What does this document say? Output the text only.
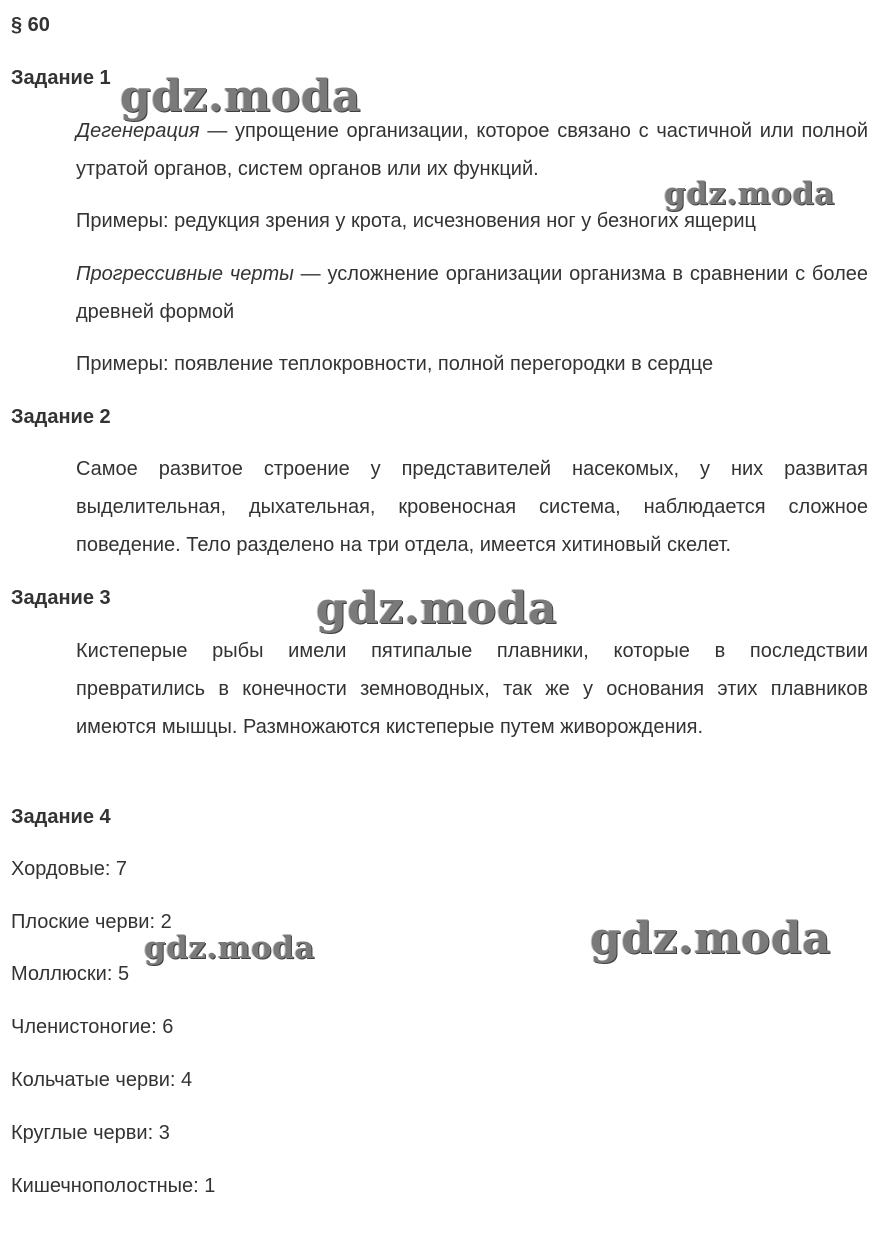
§ 60
Задание 1
Дегенерация — упрощение организации, которое связано с частичной или полной утратой органов, систем органов или их функций.
Примеры: редукция зрения у крота, исчезновения ног у безногих ящериц
Прогрессивные черты — усложнение организации организма в сравнении с более древней формой
Примеры: появление теплокровности, полной перегородки в сердце
Задание 2
Самое развитое строение у представителей насекомых, у них развитая выделительная, дыхательная, кровеносная система, наблюдается сложное поведение. Тело разделено на три отдела, имеется хитиновый скелет.
Задание 3
Кистеперые рыбы имели пятипалые плавники, которые в последствии превратились в конечности земноводных, так же у основания этих плавников имеются мышцы. Размножаются кистеперые путем живорождения.
Задание 4
Хордовые: 7
Плоские черви: 2
Моллюски: 5
Членистоногие: 6
Кольчатые черви: 4
Круглые черви: 3
Кишечнополостные: 1
gdz.moda
gdz.moda
gdz.moda
gdz.moda	gdz.moda
